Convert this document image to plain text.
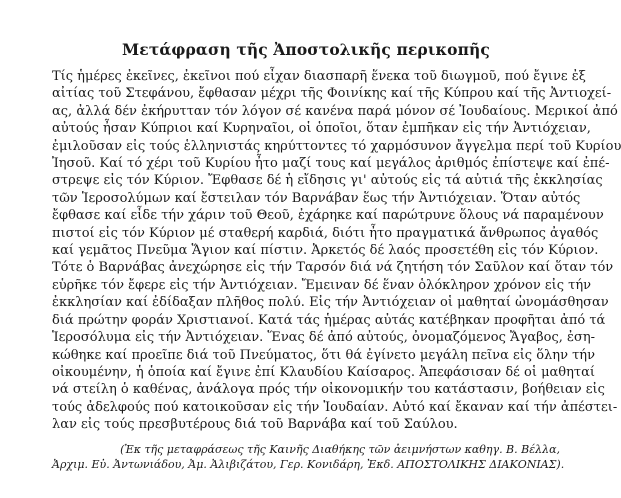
Μετάφραση τῆς Ἀποστολικῆς περικοπῆς
Τίς ἡμέρες ἐκεῖνες, ἐκεῖνοι πού εἶχαν διασπαρῆ ἕνεκα τοῦ διωγμοῦ, πού ἔγινε ἐξ
αἰτίας τοῦ Στεφάνου, ἔφθασαν μέχρι τῆς Φοινίκης καί τῆς Κύπρου καί τῆς Ἀντιοχεί-
ας, ἀλλά δέν ἐκήρυτταν τόν λόγον σέ κανένα παρά μόνον σέ Ἰουδαίους. Μερικοί ἀπό
αὐτούς ἦσαν Κύπριοι καί Κυρηναῖοι, οἱ ὁποῖοι, ὅταν ἐμπῆκαν εἰς τήν Ἀντιόχειαν,
ἐμιλοῦσαν εἰς τούς ἑλληνιστάς κηρύττοντες τό χαρμόσυνον ἄγγελμα περί τοῦ Κυρίου
Ἰησοῦ. Καί τό χέρι τοῦ Κυρίου ἦτο μαζί τους καί μεγάλος ἀριθμός ἐπίστεψε καί ἐπέ-
στρεψε εἰς τόν Κύριον. Ἔφθασε δέ ἡ εἴδησις γι' αὐτούς εἰς τά αὐτιά τῆς ἐκκλησίας
τῶν Ἱεροσολύμων καί ἔστειλαν τόν Βαρνάβαν ἕως τήν Ἀντιόχειαν. Ὅταν αὐτός
ἔφθασε καί εἶδε τήν χάριν τοῦ Θεοῦ, ἐχάρηκε καί παρώτρυνε ὅλους νά παραμένουν
πιστοί εἰς τόν Κύριον μέ σταθερή καρδιά, διότι ἦτο πραγματικά ἄνθρωπος ἀγαθός
καί γεμᾶτος Πνεῦμα Ἅγιον καί πίστιν. Ἀρκετός δέ λαός προσετέθη εἰς τόν Κύριον.
Τότε ὁ Βαρνάβας ἀνεχώρησε εἰς τήν Ταρσόν διά νά ζητήση τόν Σαῦλον καί ὅταν τόν
εὑρῆκε τόν ἔφερε εἰς τήν Ἀντιόχειαν. Ἔμειναν δέ ἕναν ὁλόκληρον χρόνον εἰς τήν
ἐκκλησίαν καί ἐδίδαξαν πλῆθος πολύ. Εἰς τήν Ἀντιόχειαν οἱ μαθηταί ὠνομάσθησαν
διά πρώτην φοράν Χριστιανοί. Κατά τάς ἡμέρας αὐτάς κατέβηκαν προφῆται ἀπό τά
Ἱεροσόλυμα εἰς τήν Ἀντιόχειαν. Ἕνας δέ ἀπό αὐτούς, ὀνομαζόμενος Ἄγαβος, ἐση-
κώθηκε καί προεῖπε διά τοῦ Πνεύματος, ὅτι θά ἐγίνετο μεγάλη πεῖνα εἰς ὅλην τήν
οἰκουμένην, ἡ ὁποία καί ἔγινε ἐπί Κλαυδίου Καίσαρος. Ἀπεφάσισαν δέ οἱ μαθηταί
νά στείλη ὁ καθένας, ἀνάλογα πρός τήν οἰκονομικήν του κατάστασιν, βοήθειαν εἰς
τούς ἀδελφούς πού κατοικοῦσαν εἰς τήν Ἰουδαίαν. Αὐτό καί ἔκαναν καί τήν ἀπέστει-
λαν εἰς τούς πρεσβυτέρους διά τοῦ Βαρνάβα καί τοῦ Σαύλου.
(Ἐκ τῆς μεταφράσεως τῆς Καινῆς Διαθήκης τῶν ἀειμνήστων καθηγ. Β. Βέλλα,
Ἀρχιμ. Εὐ. Ἀντωνιάδου, Ἀμ. Ἀλιβιζάτου, Γερ. Κονιδάρη, Ἐκδ. ΑΠΟΣΤΟΛΙΚΗΣ ΔΙΑΚΟΝΙΑΣ).
